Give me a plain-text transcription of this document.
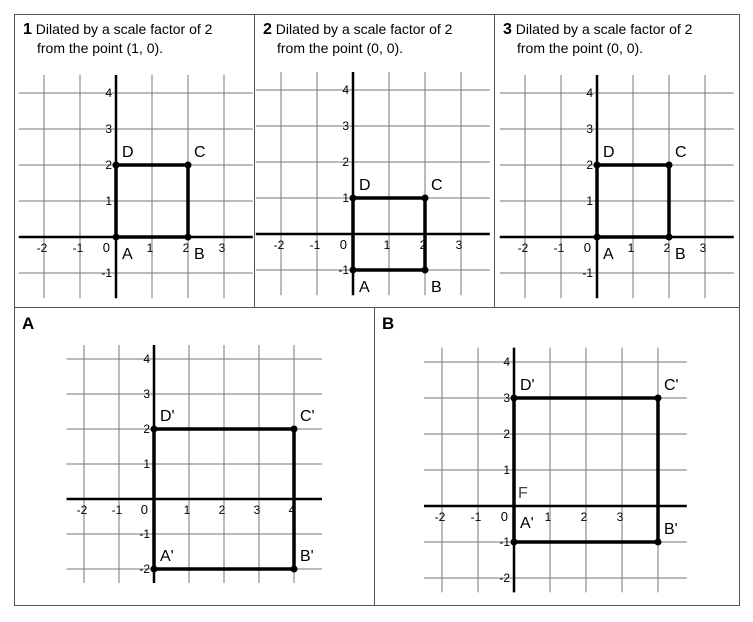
1 Dilated by a scale factor of 2
from the point (1, 0).
-2 -1	1 2 3
-1
1
2
3
4
0 A	B
C
D
2 Dilated by a scale factor of 2
from the point (0, 0).
-2 -1	1 2 3
-1
1
2
3
4
0
A	B
C
D
3 Dilated by a scale factor of 2
from the point (0, 0).
-2 -1	1 2 3
-1
1
2
3
4
0 A	B
C
D
A
-2 -1	1 2 3 4
-2
-1
1
2
3
4
0
A'	B'
C'
D'
B
-2 -1	1 2 3
-2
-1
1
2
3
4
0 A'	B'
C'
D'
F
